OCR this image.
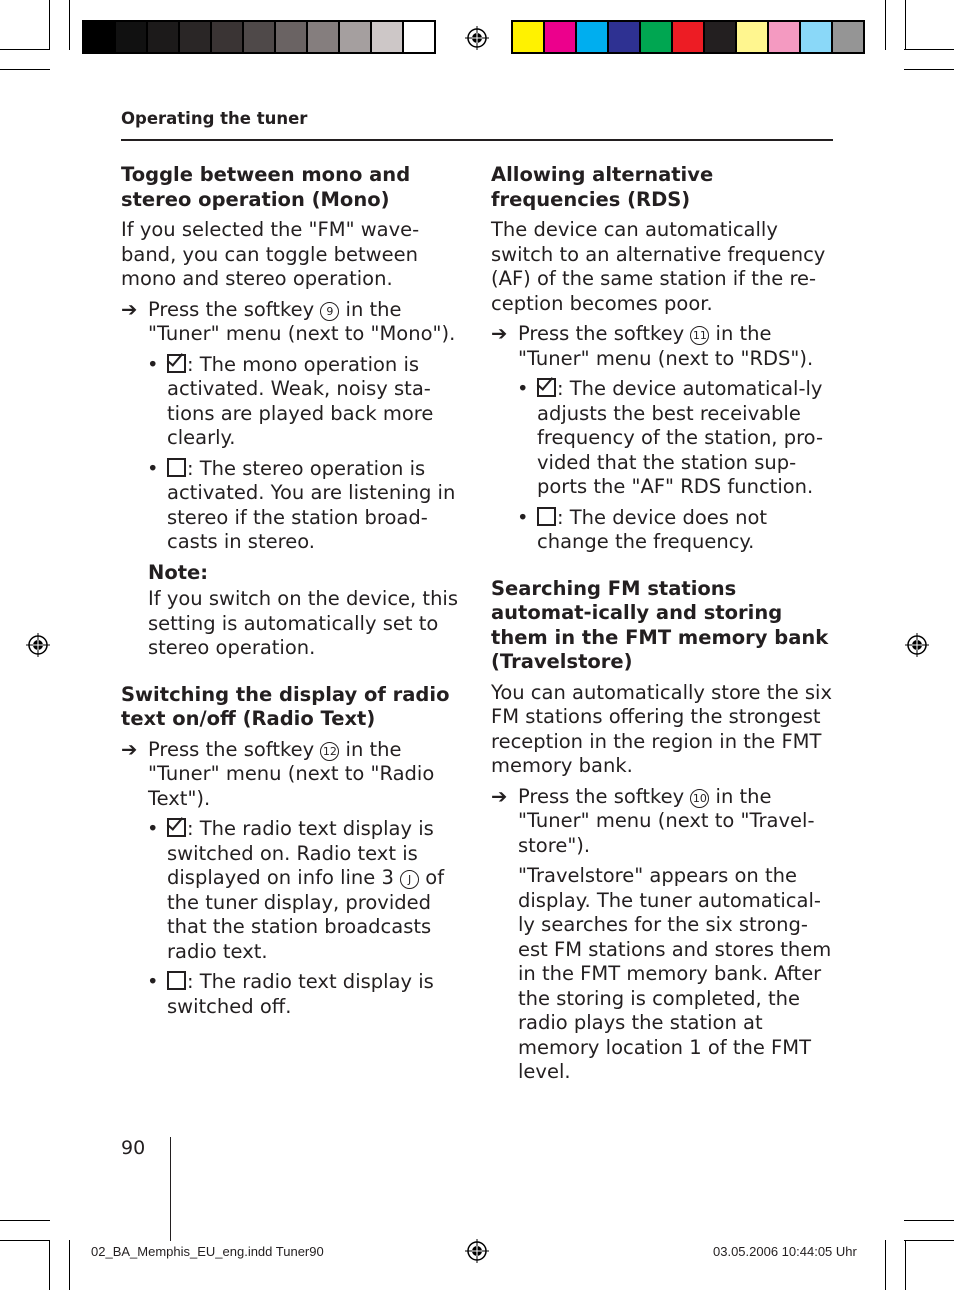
Operating the tuner
Toggle between mono and stereo operation (Mono)

If you selected the "FM" wave-band, you can toggle between mono and stereo operation.

➔ Press the softkey 9 in the "Tuner" menu (next to "Mono").
• : The mono operation is activated. Weak, noisy sta-tions are played back more clearly.
• : The stereo operation is activated. You are listening in stereo if the station broad-casts in stereo.
Note:
If you switch on the device, this setting is automatically set to stereo operation.
Switching the display of radio text on/off (Radio Text)
➔ Press the softkey 12 in the "Tuner" menu (next to "Radio Text").
• : The radio text display is switched on. Radio text is displayed on info line 3 J of the tuner display, provided that the station broadcasts radio text.
• : The radio text display is switched off.
Allowing alternative frequencies (RDS)

The device can automatically switch to an alternative frequency (AF) of the same station if the re-ception becomes poor.

➔ Press the softkey 11 in the "Tuner" menu (next to "RDS").
• : The device automatical-ly adjusts the best receivable frequency of the station, pro-vided that the station sup-ports the "AF" RDS function.
• : The device does not change the frequency.
Searching FM stations automat-ically and storing them in the FMT memory bank (Travelstore)

You can automatically store the six FM stations offering the strongest reception in the region in the FMT memory bank.

➔ Press the softkey 10 in the "Tuner" menu (next to "Travel-store").
"Travelstore" appears on the display. The tuner automatical-ly searches for the six strong-est FM stations and stores them in the FMT memory bank. After the storing is completed, the radio plays the station at memory location 1 of the FMT level.
90
02_BA_Memphis_EU_eng.indd Tuner90	03.05.2006 10:44:05 Uhr
